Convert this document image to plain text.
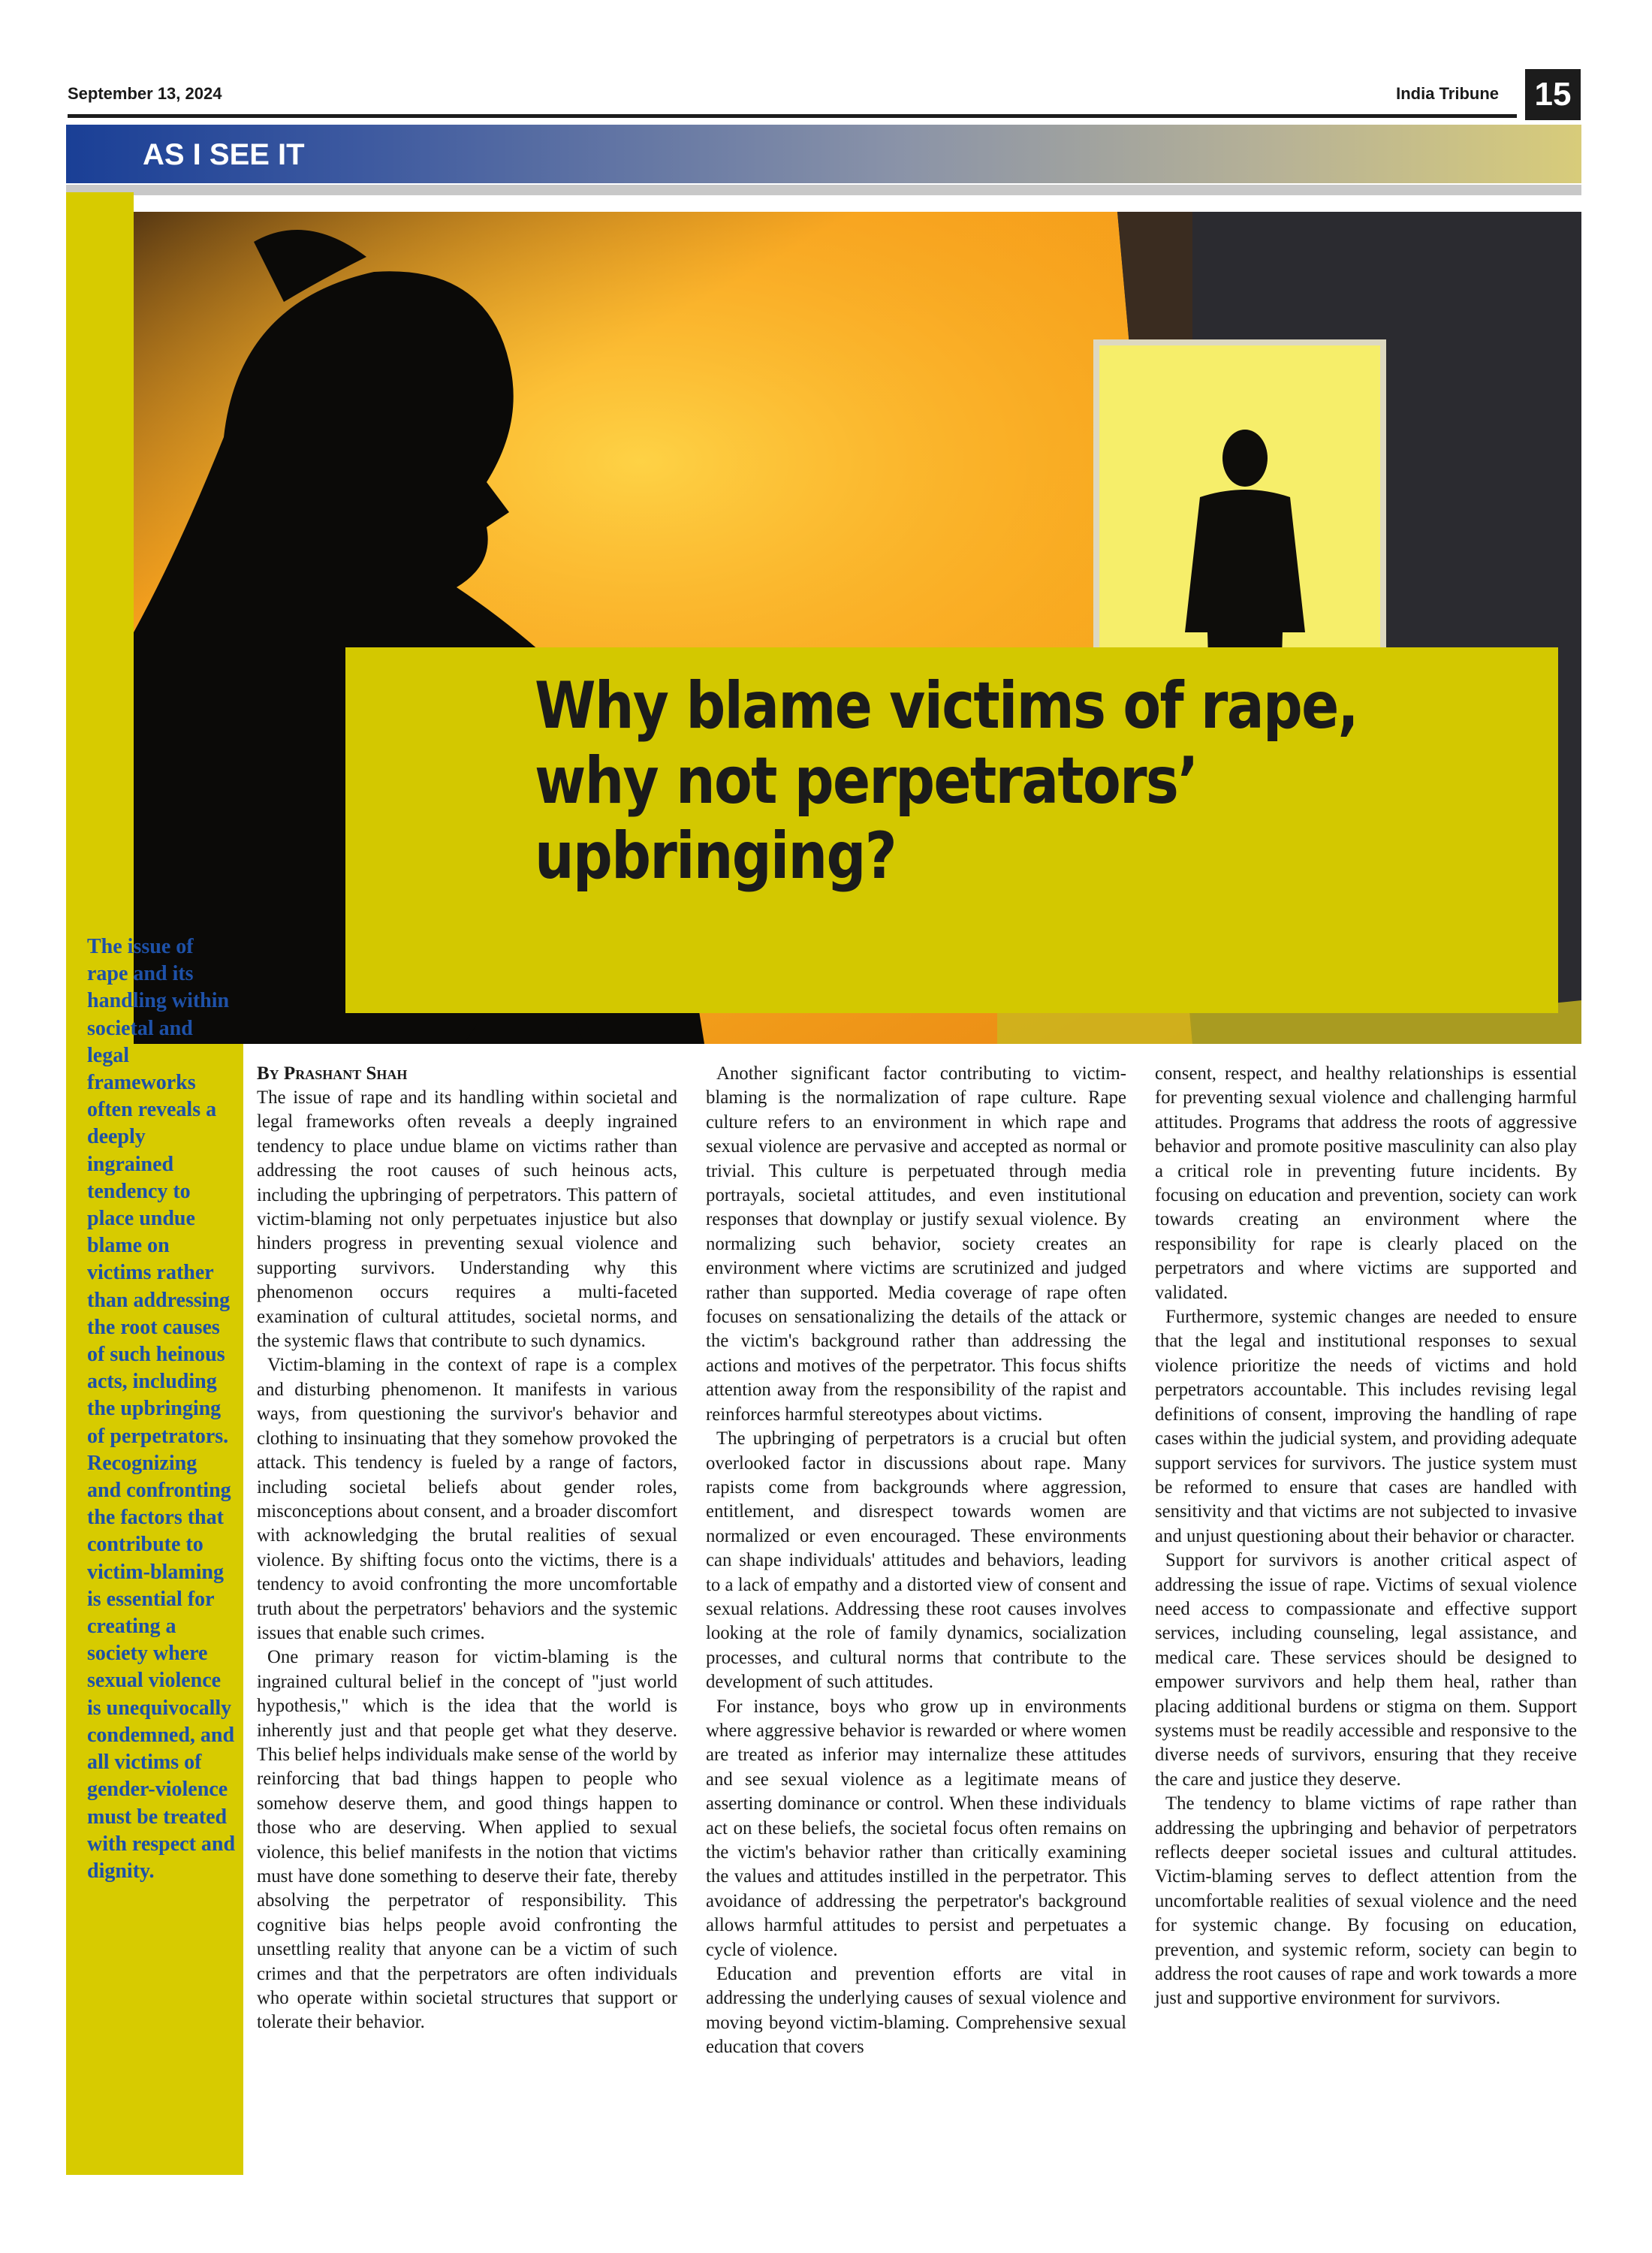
September 13, 2024	India Tribune 15
AS I SEE IT
Why blame victims of rape, why not perpetrators’ upbringing?
The issue of rape and its handling within societal and legal frameworks often reveals a deeply ingrained tendency to place undue blame on victims rather than addressing the root causes of such heinous acts, including the upbringing of perpetrators. Recognizing and confronting the factors that contribute to victim-blaming is essential for creating a society where sexual violence is unequivocally condemned, and all victims of gender-violence must be treated with respect and dignity.
By Prashant Shah

The issue of rape and its handling within societal and legal frameworks often reveals a deeply ingrained tendency to place undue blame on victims rather than addressing the root causes of such heinous acts, including the upbringing of perpetrators. This pattern of victim-blaming not only perpetuates injustice but also hinders progress in preventing sexual violence and supporting survivors. Understanding why this phenomenon occurs requires a multi-faceted examination of cultural attitudes, societal norms, and the systemic flaws that contribute to such dynamics.

Victim-blaming in the context of rape is a complex and disturbing phenomenon. It manifests in various ways, from questioning the survivor's behavior and clothing to insinuating that they somehow provoked the attack. This tendency is fueled by a range of factors, including societal beliefs about gender roles, misconceptions about consent, and a broader discomfort with acknowledging the brutal realities of sexual violence. By shifting focus onto the victims, there is a tendency to avoid confronting the more uncomfortable truth about the perpetrators' behaviors and the systemic issues that enable such crimes.

One primary reason for victim-blaming is the ingrained cultural belief in the concept of "just world hypothesis," which is the idea that the world is inherently just and that people get what they deserve. This belief helps individuals make sense of the world by reinforcing that bad things happen to people who somehow deserve them, and good things happen to those who are deserving. When applied to sexual violence, this belief manifests in the notion that victims must have done something to deserve their fate, thereby absolving the perpetrator of responsibility. This cognitive bias helps people avoid confronting the unsettling reality that anyone can be a victim of such crimes and that the perpetrators are often individuals who operate within societal structures that support or tolerate their behavior.

Another significant factor contributing to victim-blaming is the normalization of rape culture. Rape culture refers to an environment in which rape and sexual violence are pervasive and accepted as normal or trivial. This culture is perpetuated through media portrayals, societal attitudes, and even institutional responses that downplay or justify sexual violence. By normalizing such behavior, society creates an environment where victims are scrutinized and judged rather than supported. Media coverage of rape often focuses on sensationalizing the details of the attack or the victim's background rather than addressing the actions and motives of the perpetrator. This focus shifts attention away from the responsibility of the rapist and reinforces harmful stereotypes about victims.

The upbringing of perpetrators is a crucial but often overlooked factor in discussions about rape. Many rapists come from backgrounds where aggression, entitlement, and disrespect towards women are normalized or even encouraged. These environments can shape individuals' attitudes and behaviors, leading to a lack of empathy and a distorted view of consent and sexual relations. Addressing these root causes involves looking at the role of family dynamics, socialization processes, and cultural norms that contribute to the development of such attitudes.

For instance, boys who grow up in environments where aggressive behavior is rewarded or where women are treated as inferior may internalize these attitudes and see sexual violence as a legitimate means of asserting dominance or control. When these individuals act on these beliefs, the societal focus often remains on the victim's behavior rather than critically examining the values and attitudes instilled in the perpetrator. This avoidance of addressing the perpetrator's background allows harmful attitudes to persist and perpetuates a cycle of violence.

Education and prevention efforts are vital in addressing the underlying causes of sexual violence and moving beyond victim-blaming. Comprehensive sexual education that covers

consent, respect, and healthy relationships is essential for preventing sexual violence and challenging harmful attitudes. Programs that address the roots of aggressive behavior and promote positive masculinity can also play a critical role in preventing future incidents. By focusing on education and prevention, society can work towards creating an environment where the responsibility for rape is clearly placed on the perpetrators and where victims are supported and validated.

Furthermore, systemic changes are needed to ensure that the legal and institutional responses to sexual violence prioritize the needs of victims and hold perpetrators accountable. This includes revising legal definitions of consent, improving the handling of rape cases within the judicial system, and providing adequate support services for survivors. The justice system must be reformed to ensure that cases are handled with sensitivity and that victims are not subjected to invasive and unjust questioning about their behavior or character.

Support for survivors is another critical aspect of addressing the issue of rape. Victims of sexual violence need access to compassionate and effective support services, including counseling, legal assistance, and medical care. These services should be designed to empower survivors and help them heal, rather than placing additional burdens or stigma on them. Support systems must be readily accessible and responsive to the diverse needs of survivors, ensuring that they receive the care and justice they deserve.

The tendency to blame victims of rape rather than addressing the upbringing and behavior of perpetrators reflects deeper societal issues and cultural attitudes. Victim-blaming serves to deflect attention from the uncomfortable realities of sexual violence and the need for systemic change. By focusing on education, prevention, and systemic reform, society can begin to address the root causes of rape and work towards a more just and supportive environment for survivors.
